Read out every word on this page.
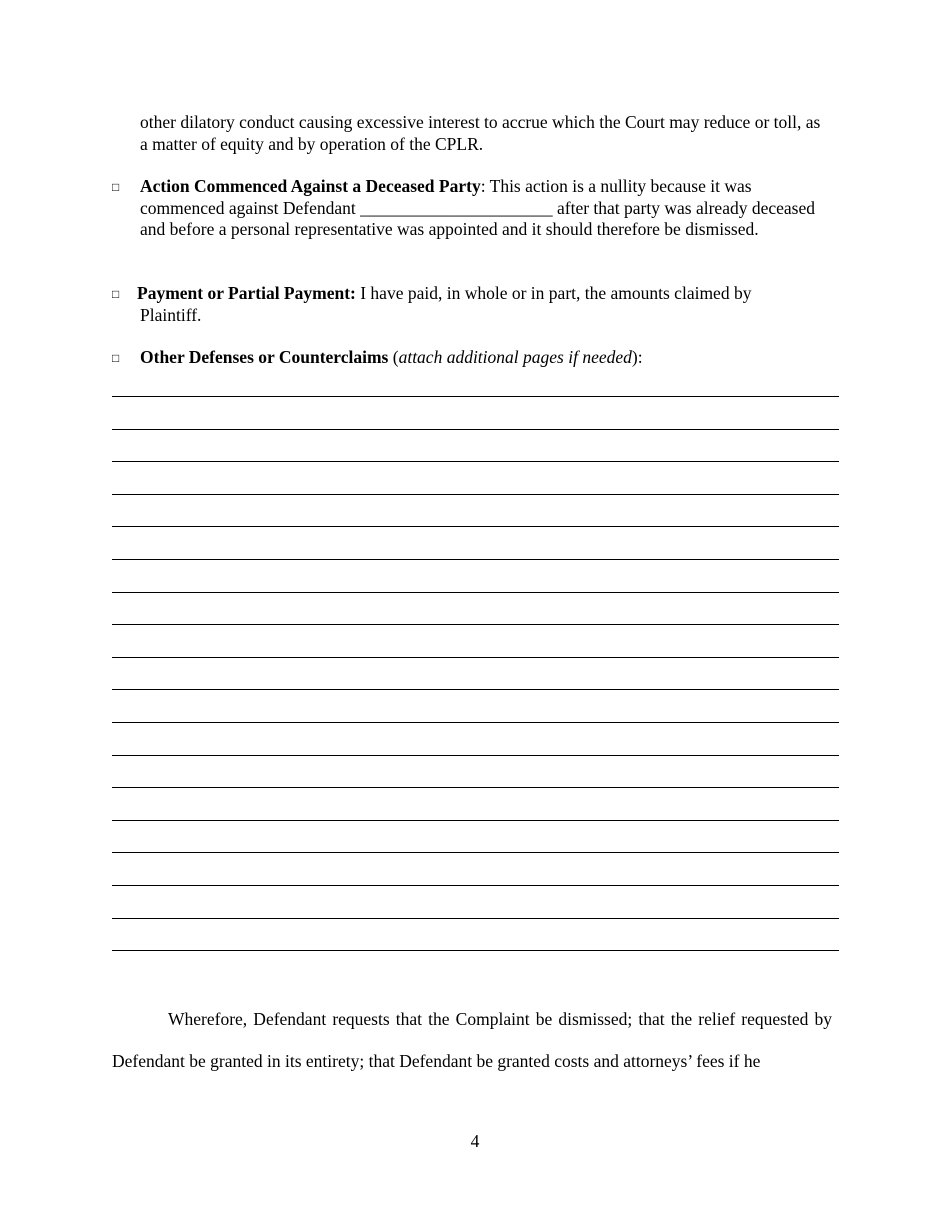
other dilatory conduct causing excessive interest to accrue which the Court may reduce or toll, as a matter of equity and by operation of the CPLR.
□	Action Commenced Against a Deceased Party: This action is a nullity because it was commenced against Defendant ______________________ after that party was already deceased and before a personal representative was appointed and it should therefore be dismissed.
□	Payment or Partial Payment: I have paid, in whole or in part, the amounts claimed by
Plaintiff.
□	Other Defenses or Counterclaims (attach additional pages if needed):
Wherefore, Defendant requests that the Complaint be dismissed; that the relief requested by Defendant be granted in its entirety; that Defendant be granted costs and attorneys’ fees if he
4
